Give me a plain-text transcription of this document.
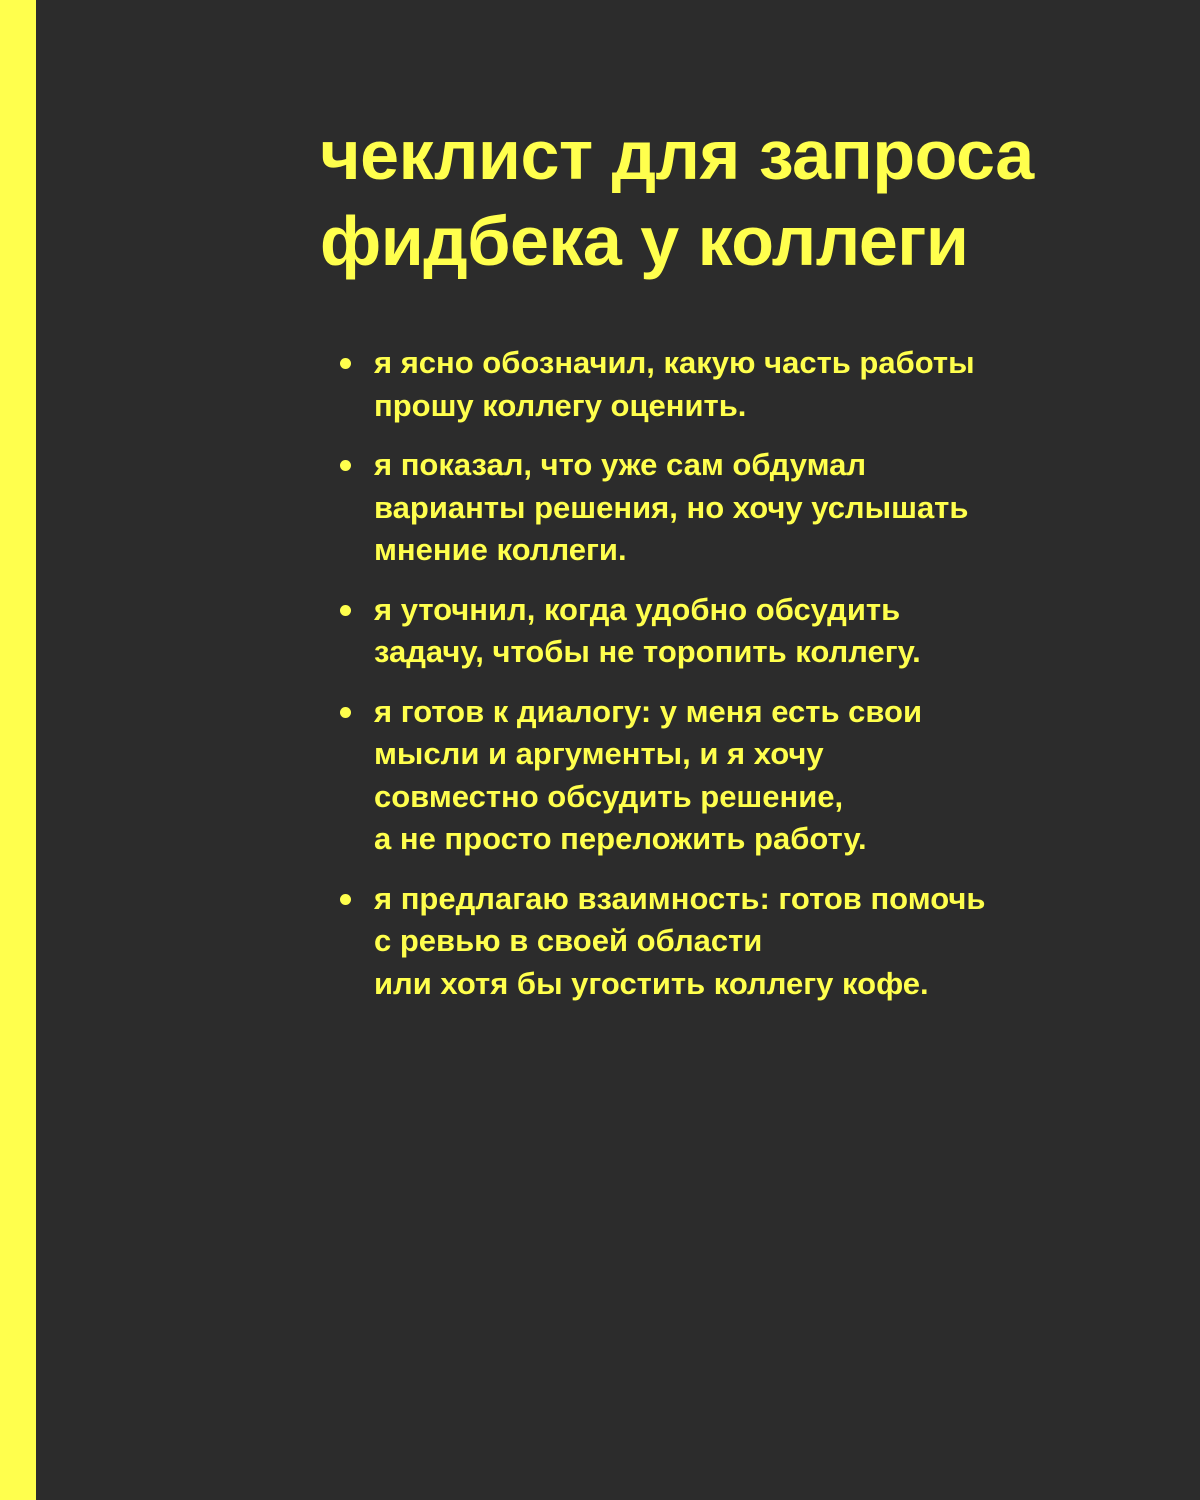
чеклист для запроса
фидбека у коллеги
я ясно обозначил, какую часть работы
прошу коллегу оценить.
я показал, что уже сам обдумал
варианты решения, но хочу услышать
мнение коллеги.
я уточнил, когда удобно обсудить
задачу, чтобы не торопить коллегу.
я готов к диалогу: у меня есть свои
мысли и аргументы, и я хочу
совместно обсудить решение,
а не просто переложить работу.
я предлагаю взаимность: готов помочь
с ревью в своей области
или хотя бы угостить коллегу кофе.
